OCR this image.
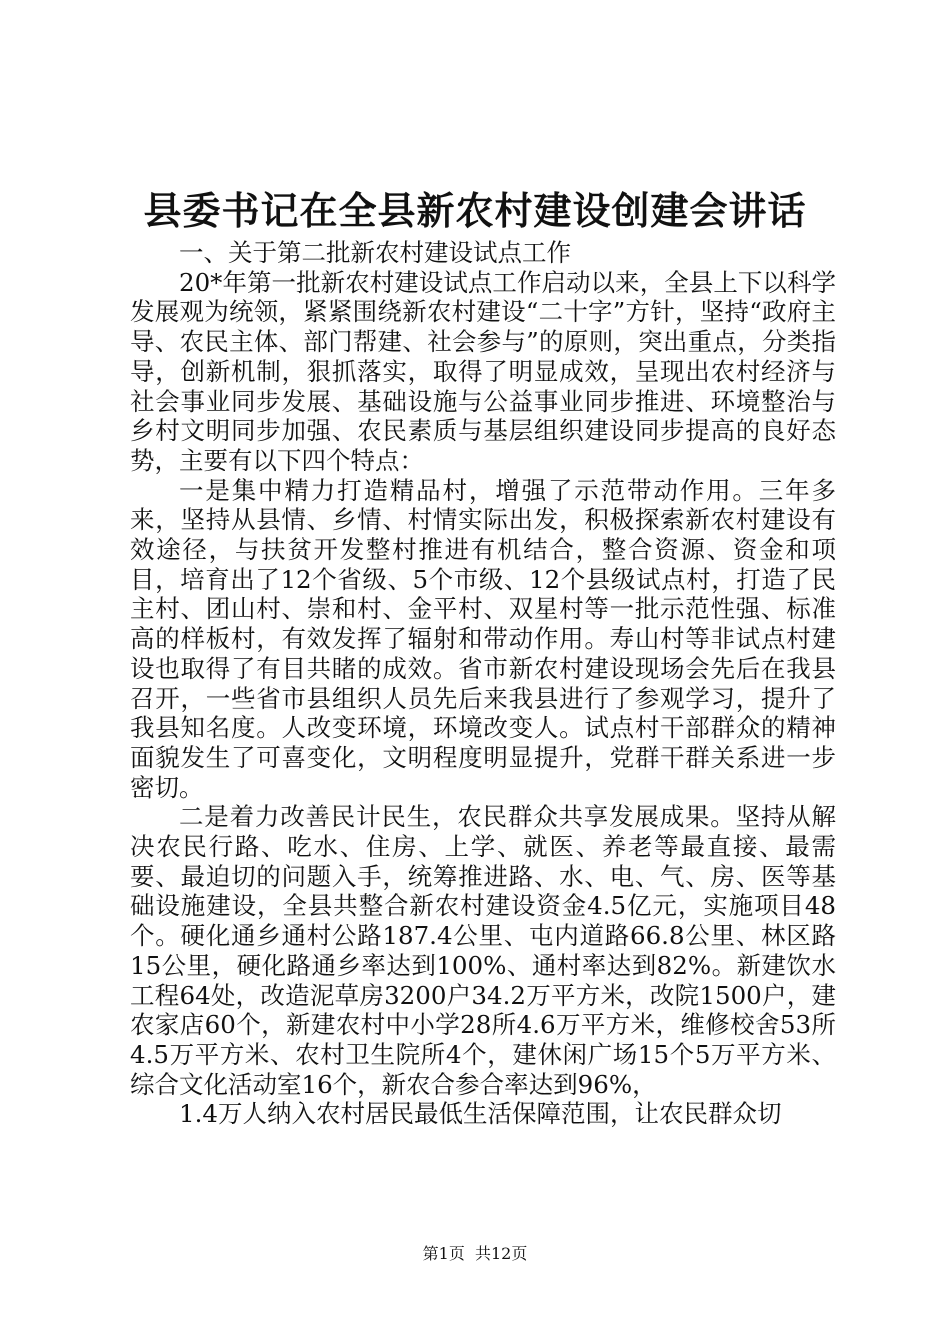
县委书记在全县新农村建设创建会讲话

一、关于第二批新农村建设试点工作

20*年第一批新农村建设试点工作启动以来，全县上下以科学发展观为统领，紧紧围绕新农村建设“二十字”方针，坚持“政府主导、农民主体、部门帮建、社会参与”的原则，突出重点，分类指导，创新机制，狠抓落实，取得了明显成效，呈现出农村经济与社会事业同步发展、基础设施与公益事业同步推进、环境整治与乡村文明同步加强、农民素质与基层组织建设同步提高的良好态势，主要有以下四个特点：

一是集中精力打造精品村，增强了示范带动作用。三年多来，坚持从县情、乡情、村情实际出发，积极探索新农村建设有效途径，与扶贫开发整村推进有机结合，整合资源、资金和项目，培育出了12个省级、5个市级、12个县级试点村，打造了民主村、团山村、崇和村、金平村、双星村等一批示范性强、标准高的样板村，有效发挥了辐射和带动作用。寿山村等非试点村建设也取得了有目共睹的成效。省市新农村建设现场会先后在我县召开，一些省市县组织人员先后来我县进行了参观学习，提升了我县知名度。人改变环境，环境改变人。试点村干部群众的精神面貌发生了可喜变化，文明程度明显提升，党群干群关系进一步密切。

二是着力改善民计民生，农民群众共享发展成果。坚持从解决农民行路、吃水、住房、上学、就医、养老等最直接、最需要、最迫切的问题入手，统筹推进路、水、电、气、房、医等基础设施建设，全县共整合新农村建设资金4.5亿元，实施项目48个。硬化通乡通村公路187.4公里、屯内道路66.8公里、林区路15公里，硬化路通乡率达到100%、通村率达到82%。新建饮水工程64处，改造泥草房3200户34.2万平方米，改院1500户，建农家店60个，新建农村中小学28所4.6万平方米，维修校舍53所4.5万平方米、农村卫生院所4个，建休闲广场15个5万平方米、综合文化活动室16个，新农合参合率达到96%，

1.4万人纳入农村居民最低生活保障范围，让农民群众切

第1页  共12页
